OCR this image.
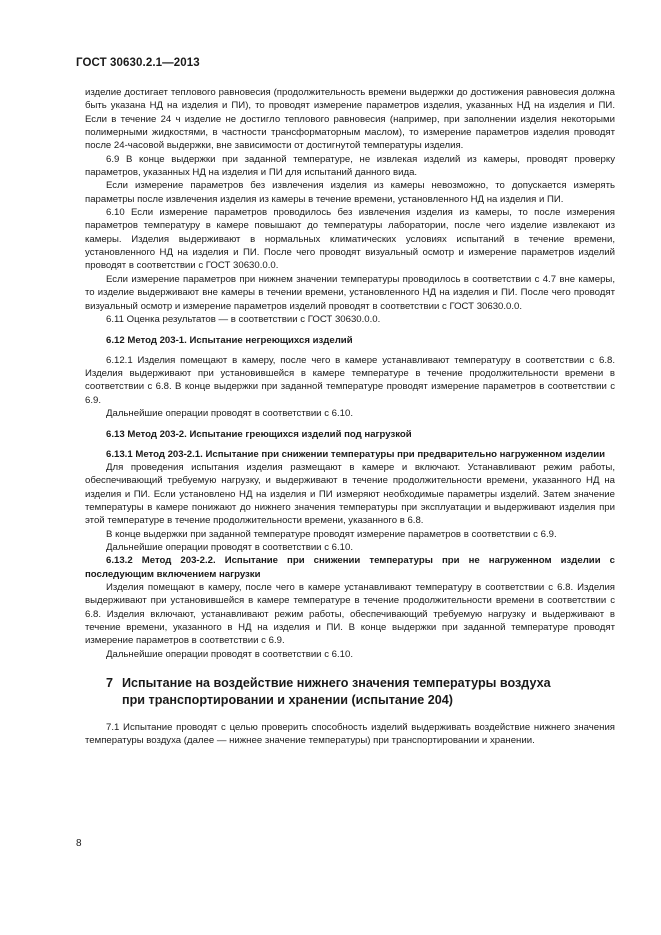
ГОСТ 30630.2.1—2013

изделие достигает теплового равновесия (продолжительность времени выдержки до достижения равновесия должна быть указана НД на изделия и ПИ), то проводят измерение параметров изделия, указанных НД на изделия и ПИ. Если в течение 24 ч изделие не достигло теплового равновесия (например, при заполнении изделия некоторыми полимерными жидкостями, в частности трансформаторным маслом), то измерение параметров изделия проводят после 24-часовой выдержки, вне зависимости от достигнутой температуры изделия.

6.9 В конце выдержки при заданной температуре, не извлекая изделий из камеры, проводят проверку параметров, указанных НД на изделия и ПИ для испытаний данного вида.

Если измерение параметров без извлечения изделия из камеры невозможно, то допускается измерять параметры после извлечения изделия из камеры в течение времени, установленного НД на изделия и ПИ.

6.10 Если измерение параметров проводилось без извлечения изделия из камеры, то после измерения параметров температуру в камере повышают до температуры лаборатории, после чего изделие извлекают из камеры. Изделия выдерживают в нормальных климатических условиях испытаний в течение времени, установленного НД на изделия и ПИ. После чего проводят визуальный осмотр и измерение параметров изделий проводят в соответствии с ГОСТ 30630.0.0.

Если измерение параметров при нижнем значении температуры проводилось в соответствии с 4.7 вне камеры, то изделие выдерживают вне камеры в течении времени, установленного НД на изделия и ПИ. После чего проводят визуальный осмотр и измерение параметров изделий проводят в соответствии с ГОСТ 30630.0.0.

6.11 Оценка результатов — в соответствии с ГОСТ 30630.0.0.

6.12 Метод 203-1. Испытание негреющихся изделий

6.12.1 Изделия помещают в камеру, после чего в камере устанавливают температуру в соответствии с 6.8. Изделия выдерживают при установившейся в камере температуре в течение продолжительности времени в соответствии с 6.8. В конце выдержки при заданной температуре проводят измерение параметров в соответствии с 6.9.

Дальнейшие операции проводят в соответствии с 6.10.

6.13 Метод 203-2. Испытание греющихся изделий под нагрузкой

6.13.1 Метод 203-2.1. Испытание при снижении температуры при предварительно нагруженном изделии

Для проведения испытания изделия размещают в камере и включают. Устанавливают режим работы, обеспечивающий требуемую нагрузку, и выдерживают в течение продолжительности времени, указанного НД на изделия и ПИ. Если установлено НД на изделия и ПИ измеряют необходимые параметры изделий. Затем значение температуры в камере понижают до нижнего значения температуры при эксплуатации и выдерживают изделия при этой температуре в течение продолжительности времени, указанного в 6.8.

В конце выдержки при заданной температуре проводят измерение параметров в соответствии с 6.9.

Дальнейшие операции проводят в соответствии с 6.10.

6.13.2 Метод 203-2.2. Испытание при снижении температуры при не нагруженном изделии с последующим включением нагрузки

Изделия помещают в камеру, после чего в камере устанавливают температуру в соответствии с 6.8. Изделия выдерживают при установившейся в камере температуре в течение продолжительности времени в соответствии с 6.8. Изделия включают, устанавливают режим работы, обеспечивающий требуемую нагрузку и выдерживают в течение времени, указанного в НД на изделия и ПИ. В конце выдержки при заданной температуре проводят измерение параметров в соответствии с 6.9.

Дальнейшие операции проводят в соответствии с 6.10.

7 Испытание на воздействие нижнего значения температуры воздуха
при транспортировании и хранении (испытание 204)

7.1 Испытание проводят с целью проверить способность изделий выдерживать воздействие нижнего значения температуры воздуха (далее — нижнее значение температуры) при транспортировании и хранении.

8
